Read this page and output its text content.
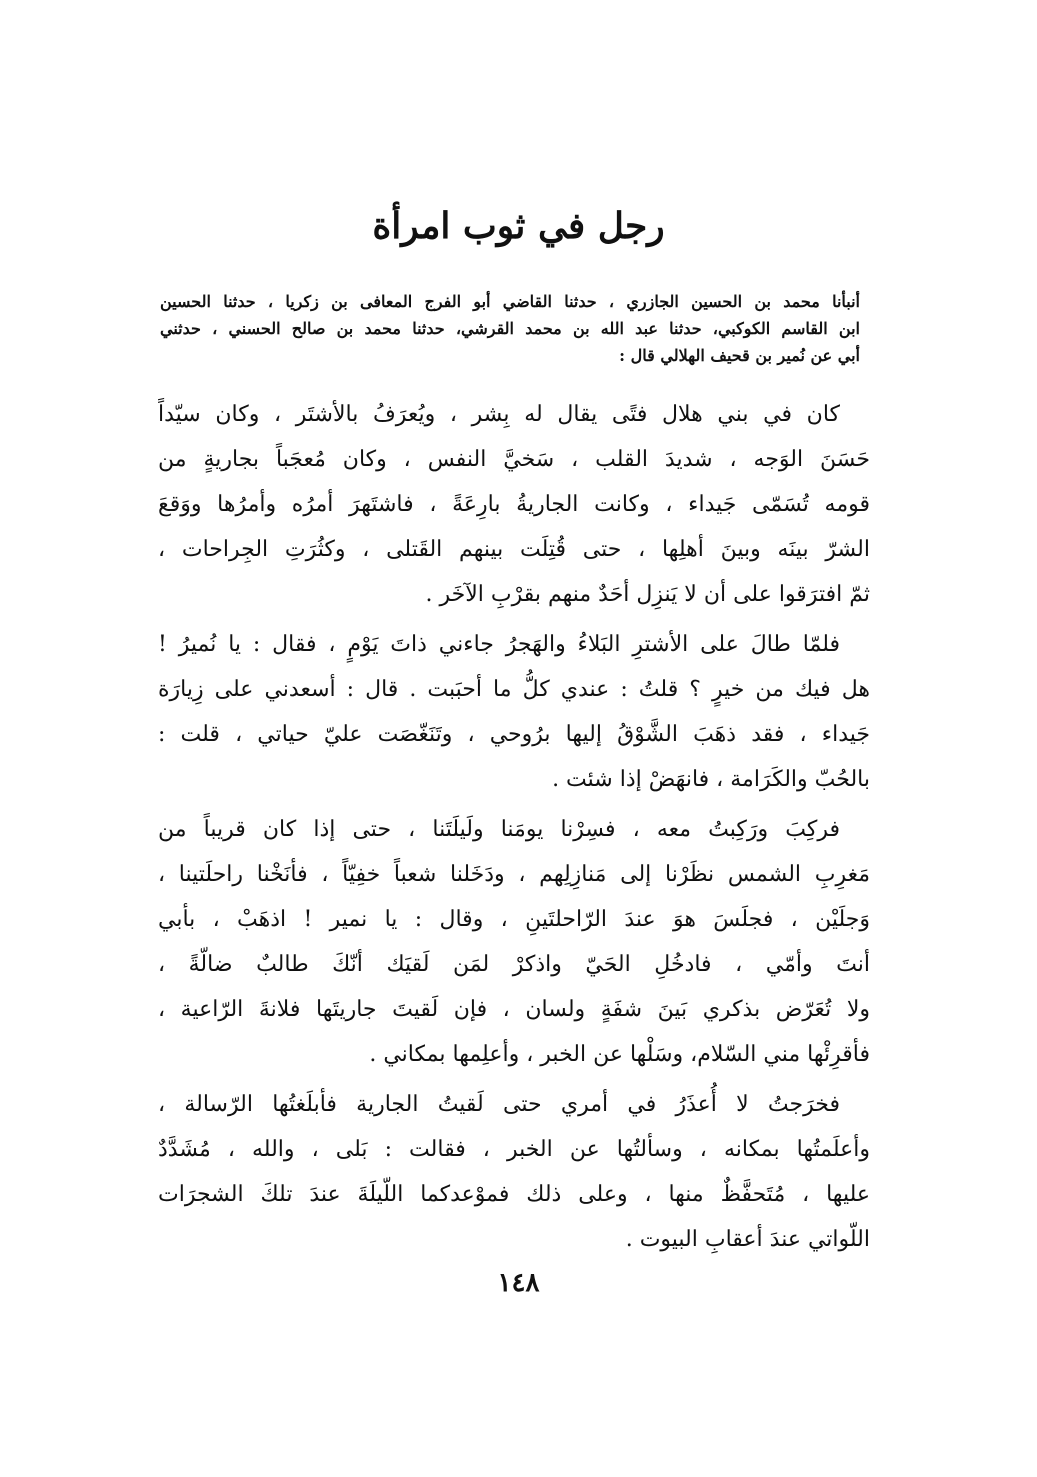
رجل في ثوب امرأة
أنبأنا محمد بن الحسين الجازري ، حدثنا القاضي أبو الفرج المعافى بن زكريا ، حدثنا الحسين
ابن القاسم الكوكبي، حدثنا عبد الله بن محمد القرشي، حدثنا محمد بن صالح الحسني ، حدثني
أبي عن نُمير بن قحيف الهلالي قال :
كان في بني هلال فتًى يقال له بِشر ، ويُعرَفُ بالأشتَر ، وكان سيّداً
حَسَنَ الوَجه ، شديدَ القلب ، سَخيَّ النفس ، وكان مُعجَباً بجاريةٍ من
قومه تُسَمّى جَيداء ، وكانت الجاريةُ بارِعَةً ، فاشتَهرَ أمرُه وأمرُها ووَقعَ
الشرّ بينَه وبينَ أهلِها ، حتى قُتِلَت بينهم القَتلى ، وكثُرَتِ الجِراحات ،
ثمّ افترَقوا على أن لا يَنزِل أحَدٌ منهم بقرْبِ الآخَر .
فلمّا طالَ على الأشترِ البَلاءُ والهَجرُ جاءني ذاتَ يَوْمٍ ، فقال : يا نُميرُ !
هل فيك من خيرٍ ؟ قلتُ : عندي كلُّ ما أحبَبت . قال : أسعدني على زِيارَة
جَيداء ، فقد ذهَبَ الشَّوْقُ إليها برُوحي ، وتَنَغّصَت عليّ حياتي ، قلت :
بالحُبّ والكَرَامة ، فانهَضْ إذا شئت .
فركِبَ ورَكِبتُ معه ، فسِرْنا يومَنا ولَيلَتَنا ، حتى إذا كان قريباً من
مَغرِبِ الشمس نظَرْنا إلى مَنازِلِهم ، ودَخَلنا شعباً خفِيّاً ، فأنَخْنا راحلَتينا ،
وَجلَيْن ، فجلَسَ هوَ عندَ الرّاحلتَينِ ، وقال : يا نمير ! اذهَبْ ، بأبي
أنتَ وأمّي ، فادخُلِ الحَيّ واذكرْ لمَن لَقيَك أنّكَ طالبٌ ضالّةً ،
ولا تُعَرّض بذكري بَينَ شفَةٍ ولسان ، فإن لَقيتَ جاريتَها فلانةَ الرّاعية ،
فأقرِئْها مني السّلام، وسَلْها عن الخبر ، وأعلِمها بمكاني .
فخرَجتُ لا أُعذَرُ في أمري حتى لَقيتُ الجارية فأبلَغتُها الرّسالة ،
وأعلَمتُها بمكانه ، وسألتُها عن الخبر ، فقالت : بَلى ، والله ، مُشَدَّدٌ
عليها ، مُتَحفَّظٌ منها ، وعلى ذلك فموْعدكما اللّيلَةَ عندَ تلكَ الشجرَات
اللّواتي عندَ أعقابِ البيوت .
١٤٨
